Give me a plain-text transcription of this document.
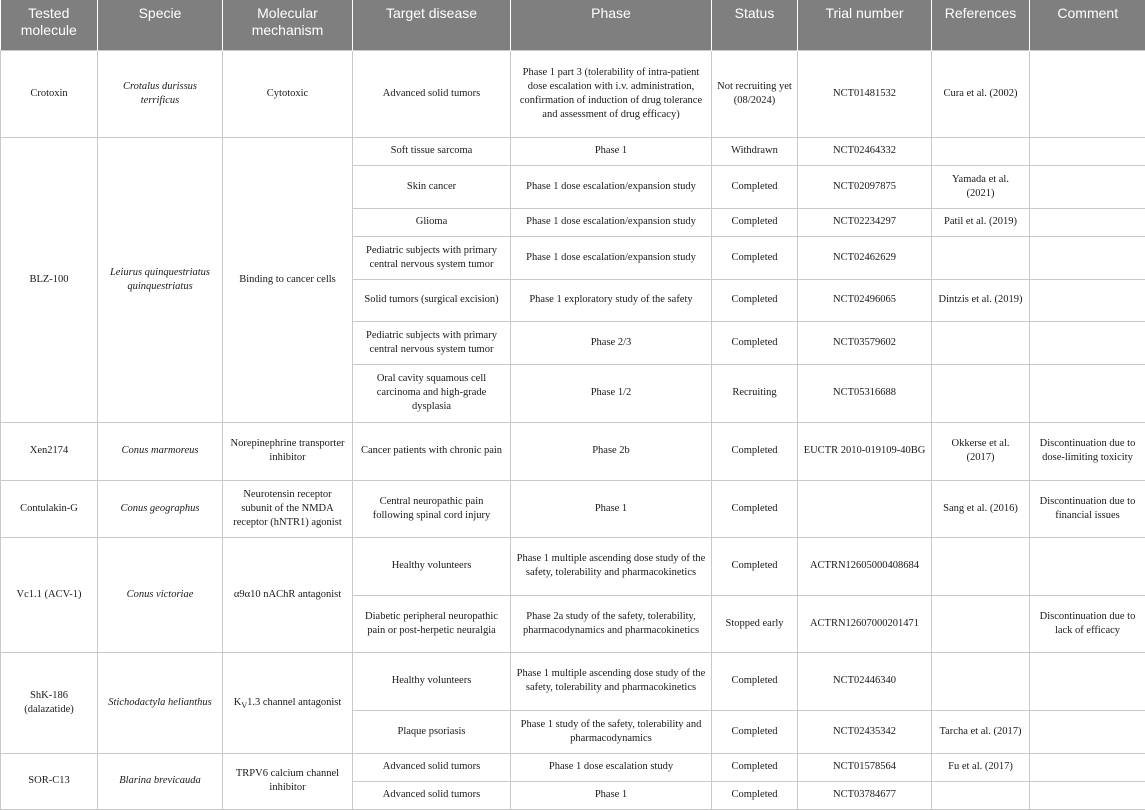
Tested molecule	Specie	Molecular mechanism	Target disease	Phase	Status	Trial number	References	Comment
Crotoxin	Crotalus durissus terrificus	Cytotoxic	Advanced solid tumors	Phase 1 part 3 (tolerability of intra-patient dose escalation with i.v. administration, confirmation of induction of drug tolerance and assessment of drug efficacy)	Not recruiting yet (08/2024)	NCT01481532	Cura et al. (2002)	
BLZ-100	Leiurus quinquestriatus quinquestriatus	Binding to cancer cells	Soft tissue sarcoma	Phase 1	Withdrawn	NCT02464332		
			Skin cancer	Phase 1 dose escalation/expansion study	Completed	NCT02097875	Yamada et al. (2021)	
			Glioma	Phase 1 dose escalation/expansion study	Completed	NCT02234297	Patil et al. (2019)	
			Pediatric subjects with primary central nervous system tumor	Phase 1 dose escalation/expansion study	Completed	NCT02462629		
			Solid tumors (surgical excision)	Phase 1 exploratory study of the safety	Completed	NCT02496065	Dintzis et al. (2019)	
			Pediatric subjects with primary central nervous system tumor	Phase 2/3	Completed	NCT03579602		
			Oral cavity squamous cell carcinoma and high-grade dysplasia	Phase 1/2	Recruiting	NCT05316688		
Xen2174	Conus marmoreus	Norepinephrine transporter inhibitor	Cancer patients with chronic pain	Phase 2b	Completed	EUCTR 2010-019109-40BG	Okkerse et al. (2017)	Discontinuation due to dose-limiting toxicity
Contulakin-G	Conus geographus	Neurotensin receptor subunit of the NMDA receptor (hNTR1) agonist	Central neuropathic pain following spinal cord injury	Phase 1	Completed		Sang et al. (2016)	Discontinuation due to financial issues
Vc1.1 (ACV-1)	Conus victoriae	α9α10 nAChR antagonist	Healthy volunteers	Phase 1 multiple ascending dose study of the safety, tolerability and pharmacokinetics	Completed	ACTRN12605000408684		
			Diabetic peripheral neuropathic pain or post-herpetic neuralgia	Phase 2a study of the safety, tolerability, pharmacodynamics and pharmacokinetics	Stopped early	ACTRN12607000201471		Discontinuation due to lack of efficacy
ShK-186 (dalazatide)	Stichodactyla helianthus	$K_V1.3$ channel antagonist	Healthy volunteers	Phase 1 multiple ascending dose study of the safety, tolerability and pharmacokinetics	Completed	NCT02446340		
			Plaque psoriasis	Phase 1 study of the safety, tolerability and pharmacodynamics	Completed	NCT02435342	Tarcha et al. (2017)	
SOR-C13	Blarina brevicauda	TRPV6 calcium channel inhibitor	Advanced solid tumors	Phase 1 dose escalation study	Completed	NCT01578564	Fu et al. (2017)	
			Advanced solid tumors	Phase 1	Completed	NCT03784677		
